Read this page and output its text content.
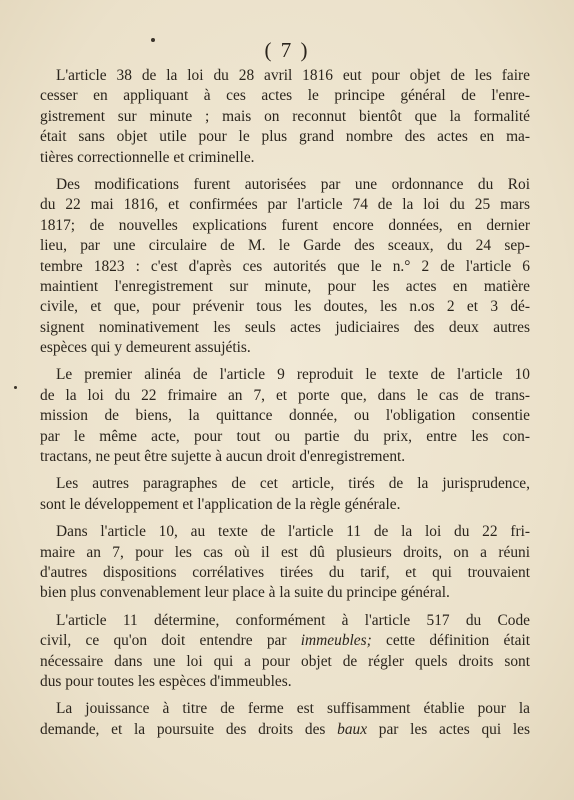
( 7 )
L'article 38 de la loi du 28 avril 1816 eut pour objet de les faire
cesser en appliquant à ces actes le principe général de l'enre-
gistrement sur minute ; mais on reconnut bientôt que la formalité
était sans objet utile pour le plus grand nombre des actes en ma-
tières correctionnelle et criminelle.
Des modifications furent autorisées par une ordonnance du Roi
du 22 mai 1816, et confirmées par l'article 74 de la loi du 25 mars
1817; de nouvelles explications furent encore données, en dernier
lieu, par une circulaire de M. le Garde des sceaux, du 24 sep-
tembre 1823 : c'est d'après ces autorités que le n.° 2 de l'article 6
maintient l'enregistrement sur minute, pour les actes en matière
civile, et que, pour prévenir tous les doutes, les n.os 2 et 3 dé-
signent nominativement les seuls actes judiciaires des deux autres
espèces qui y demeurent assujétis.
Le premier alinéa de l'article 9 reproduit le texte de l'article 10
de la loi du 22 frimaire an 7, et porte que, dans le cas de trans-
mission de biens, la quittance donnée, ou l'obligation consentie
par le même acte, pour tout ou partie du prix, entre les con-
tractans, ne peut être sujette à aucun droit d'enregistrement.
Les autres paragraphes de cet article, tirés de la jurisprudence,
sont le développement et l'application de la règle générale.
Dans l'article 10, au texte de l'article 11 de la loi du 22 fri-
maire an 7, pour les cas où il est dû plusieurs droits, on a réuni
d'autres dispositions corrélatives tirées du tarif, et qui trouvaient
bien plus convenablement leur place à la suite du principe général.
L'article 11 détermine, conformément à l'article 517 du Code
civil, ce qu'on doit entendre par immeubles; cette définition était
nécessaire dans une loi qui a pour objet de régler quels droits sont
dus pour toutes les espèces d'immeubles.
La jouissance à titre de ferme est suffisamment établie pour la
demande, et la poursuite des droits des baux par les actes qui les
